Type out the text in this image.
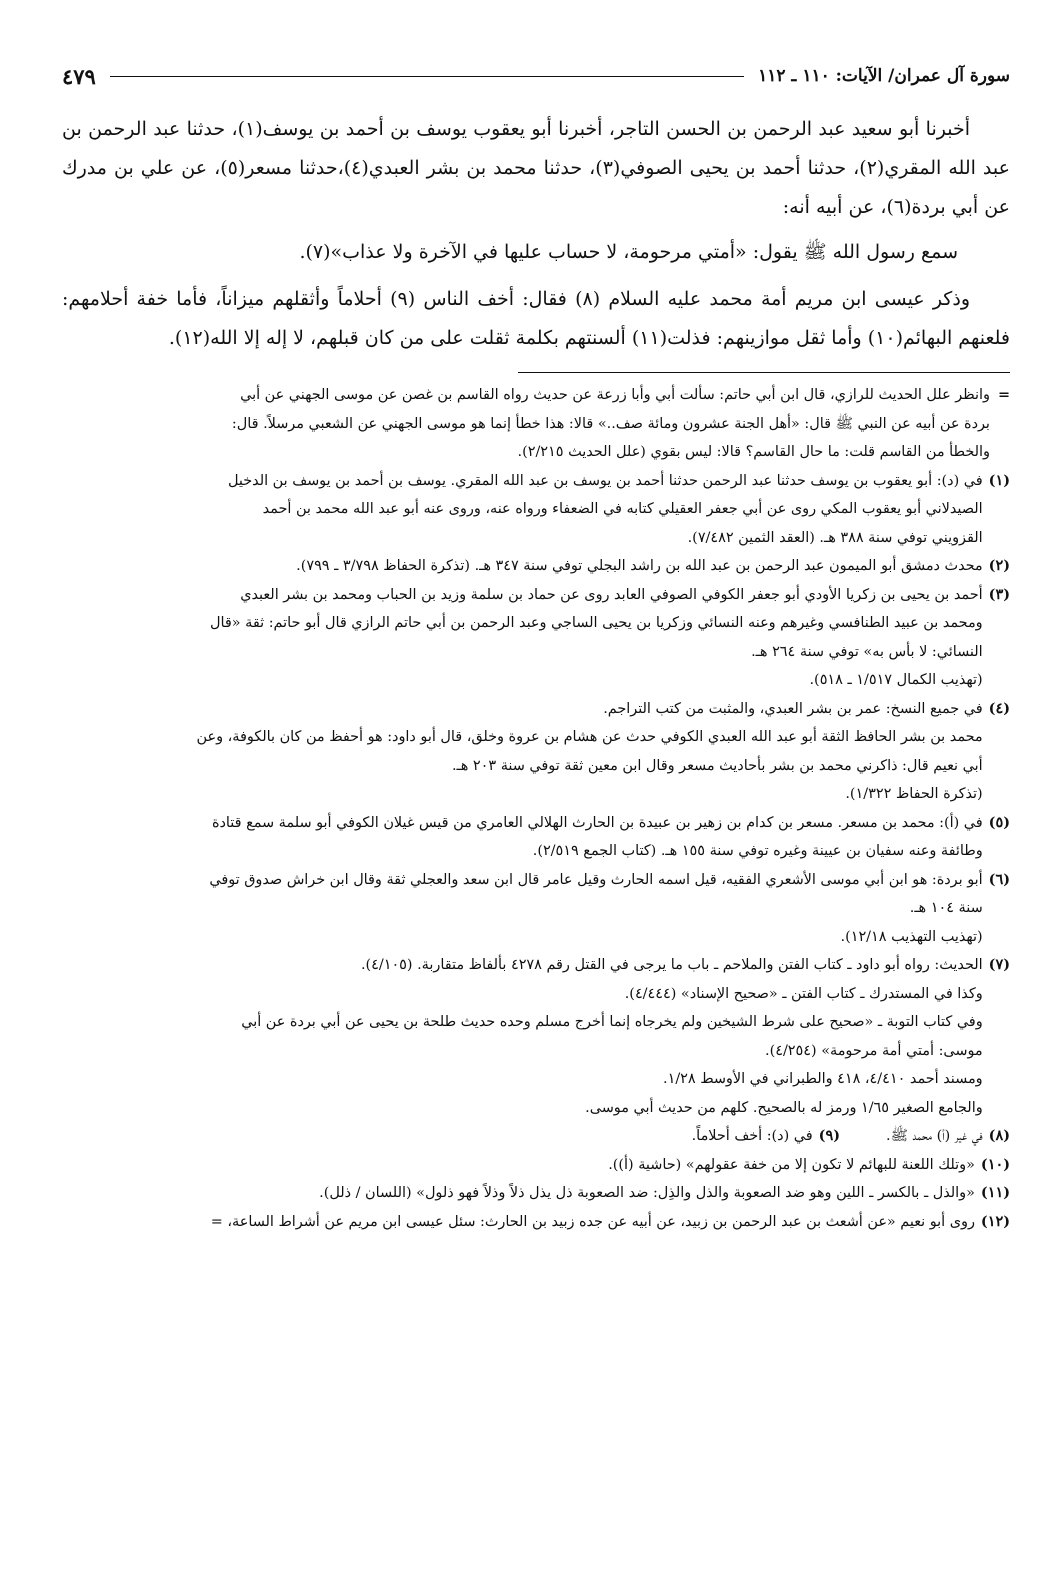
سورة آل عمران/ الآيات: ١١٠ ـ ١١٢
٤٧٩

أخبرنا أبو سعيد عبد الرحمن بن الحسن التاجر، أخبرنا أبو يعقوب يوسف بن أحمد بن يوسف(١)، حدثنا عبد الرحمن بن عبد الله المقري(٢)، حدثنا أحمد بن يحيى الصوفي(٣)، حدثنا محمد بن بشر العبدي(٤)،حدثنا مسعر(٥)، عن علي بن مدرك عن أبي بردة(٦)، عن أبيه أنه:

سمع رسول الله ﷺ يقول: «أمتي مرحومة، لا حساب عليها في الآخرة ولا عذاب»(٧).

وذكر عيسى ابن مريم أمة محمد عليه السلام (٨) فقال: أخف الناس (٩) أحلاماً وأثقلهم ميزاناً، فأما خفة أحلامهم: فلعنهم البهائم(١٠) وأما ثقل موازينهم: فذلت(١١) ألسنتهم بكلمة ثقلت على من كان قبلهم، لا إله إلا الله(١٢).

=
وانظر علل الحديث للرازي، قال ابن أبي حاتم: سألت أبي وأبا زرعة عن حديث رواه القاسم بن غصن عن موسى الجهني عن أبي
بردة عن أبيه عن النبي ﷺ قال: «أهل الجنة عشرون ومائة صف..» قالا: هذا خطأ إنما هو موسى الجهني عن الشعبي مرسلاً. قال:
والخطأ من القاسم قلت: ما حال القاسم؟ قالا: ليس بقوي (علل الحديث ٢/٢١٥).
(١)
في (د): أبو يعقوب بن يوسف حدثنا عبد الرحمن حدثنا أحمد بن يوسف بن عبد الله المقري. يوسف بن أحمد بن يوسف بن الدخيل
الصيدلاني أبو يعقوب المكي روى عن أبي جعفر العقيلي كتابه في الضعفاء ورواه عنه، وروى عنه أبو عبد الله محمد بن أحمد
القزويني توفي سنة ٣٨٨ هـ. (العقد الثمين ٧/٤٨٢).
(٢)
محدث دمشق أبو الميمون عبد الرحمن بن عبد الله بن راشد البجلي توفي سنة ٣٤٧ هـ. (تذكرة الحفاظ ٣/٧٩٨ ـ ٧٩٩).
(٣)
أحمد بن يحيى بن زكريا الأودي أبو جعفر الكوفي الصوفي العابد روى عن حماد بن سلمة وزيد بن الحباب ومحمد بن بشر العبدي
ومحمد بن عبيد الطنافسي وغيرهم وعنه النسائي وزكريا بن يحيى الساجي وعبد الرحمن بن أبي حاتم الرازي قال أبو حاتم: ثقة «قال
النسائي: لا بأس به» توفي سنة ٢٦٤ هـ.
(تهذيب الكمال ١/٥١٧ ـ ٥١٨).
(٤)
في جميع النسخ: عمر بن بشر العبدي، والمثبت من كتب التراجم.
محمد بن بشر الحافظ الثقة أبو عبد الله العبدي الكوفي حدث عن هشام بن عروة وخلق، قال أبو داود: هو أحفظ من كان بالكوفة، وعن
أبي نعيم قال: ذاكرني محمد بن بشر بأحاديث مسعر وقال ابن معين ثقة توفي سنة ٢٠٣ هـ.
(تذكرة الحفاظ ١/٣٢٢).
(٥)
في (أ): محمد بن مسعر. مسعر بن كدام بن زهير بن عبيدة بن الحارث الهلالي العامري من قيس غيلان الكوفي أبو سلمة سمع قتادة
وطائفة وعنه سفيان بن عيينة وغيره توفي سنة ١٥٥ هـ. (كتاب الجمع ٢/٥١٩).
(٦)
أبو بردة: هو ابن أبي موسى الأشعري الفقيه، قيل اسمه الحارث وقيل عامر قال ابن سعد والعجلي ثقة وقال ابن خراش صدوق توفي
سنة ١٠٤ هـ.
(تهذيب التهذيب ١٢/١٨).
(٧)
الحديث: رواه أبو داود ـ كتاب الفتن والملاحم ـ باب ما يرجى في القتل رقم ٤٢٧٨ بألفاظ متقاربة. (٤/١٠٥).
وكذا في المستدرك ـ كتاب الفتن ـ «صحيح الإسناد» (٤/٤٤٤).
وفي كتاب التوبة ـ «صحيح على شرط الشيخين ولم يخرجاه إنما أخرج مسلم وحده حديث طلحة بن يحيى عن أبي بردة عن أبي
موسى: أمتي أمة مرحومة» (٤/٢٥٤).
ومسند أحمد ٤/٤١٠، ٤١٨ والطبراني في الأوسط ١/٢٨.
والجامع الصغير ١/٦٥ ورمز له بالصحيح. كلهم من حديث أبي موسى.
(٨)
في غير (أ) محمد ﷺ.
(٩)
في (د): أخف أحلاماً.
(١٠)
«وتلك اللعنة للبهائم لا تكون إلا من خفة عقولهم» (حاشية (أ)).
(١١)
«والذل ـ بالكسر ـ اللين وهو ضد الصعوبة والذل والذِل: ضد الصعوبة ذل يذل ذلاً وذلاً فهو ذلول» (اللسان / ذلل).
(١٢)
روى أبو نعيم «عن أشعث بن عبد الرحمن بن زبيد، عن أبيه عن جده زبيد بن الحارث: سئل عيسى ابن مريم عن أشراط الساعة، =
